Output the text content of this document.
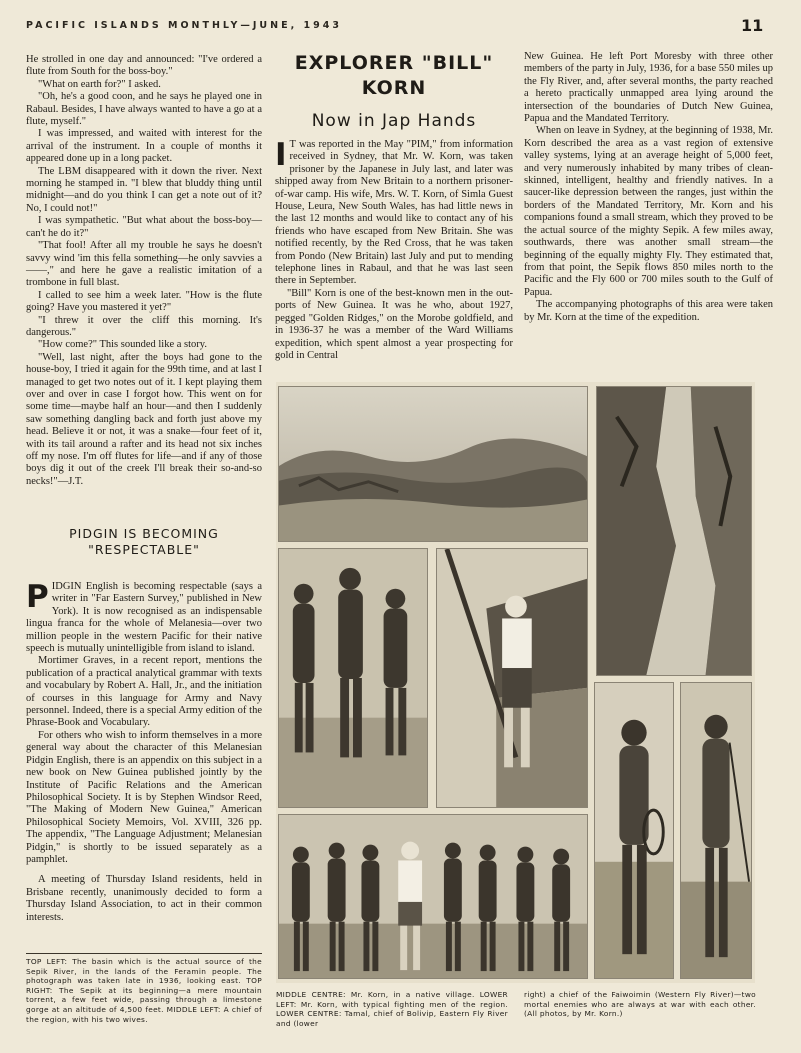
PACIFIC ISLANDS MONTHLY—JUNE, 1943	11

He strolled in one day and announced: "I've ordered a flute from South for the boss-boy."

"What on earth for?" I asked.

"Oh, he's a good coon, and he says he played one in Rabaul. Besides, I have always wanted to have a go at a flute, myself."

I was impressed, and waited with interest for the arrival of the instrument. In a couple of months it appeared done up in a long packet.

The LBM disappeared with it down the river. Next morning he stamped in. "I blew that bluddy thing until midnight—and do you think I can get a note out of it? No, I could not!"

I was sympathetic. "But what about the boss-boy—can't he do it?"

"That fool! After all my trouble he says he doesn't savvy wind 'im this fella something—he only savvies a ——," and here he gave a realistic imitation of a trombone in full blast.

I called to see him a week later. "How is the flute going? Have you mastered it yet?"

"I threw it over the cliff this morning. It's dangerous."

"How come?" This sounded like a story.

"Well, last night, after the boys had gone to the house-boy, I tried it again for the 99th time, and at last I managed to get two notes out of it. I kept playing them over and over in case I forgot how. This went on for some time—maybe half an hour—and then I suddenly saw something dangling back and forth just above my head. Believe it or not, it was a snake—four feet of it, with its tail around a rafter and its head not six inches off my nose. I'm off flutes for life—and if any of those boys dig it out of the creek I'll break their so-and-so necks!"—J.T.

PIDGIN IS BECOMING
"RESPECTABLE"

PIDGIN English is becoming respectable (says a writer in "Far Eastern Survey," published in New York). It is now recognised as an indispensable lingua franca for the whole of Melanesia—over two million people in the western Pacific for their native speech is mutually unintelligible from island to island.

Mortimer Graves, in a recent report, mentions the publication of a practical analytical grammar with texts and vocabulary by Robert A. Hall, Jr., and the initiation of courses in this language for Army and Navy personnel. Indeed, there is a special Army edition of the Phrase-Book and Vocabulary.

For others who wish to inform themselves in a more general way about the character of this Melanesian Pidgin English, there is an appendix on this subject in a new book on New Guinea published jointly by the Institute of Pacific Relations and the American Philosophical Society. It is by Stephen Windsor Reed, "The Making of Modern New Guinea," American Philosophical Society Memoirs, Vol. XVIII, 326 pp. The appendix, "The Language Adjustment; Melanesian Pidgin," is shortly to be issued separately as a pamphlet.

A meeting of Thursday Island residents, held in Brisbane recently, unanimously decided to form a Thursday Island Association, to act in their common interests.

EXPLORER "BILL"
KORN
Now in Jap Hands

I T was reported in the May "PIM," from information received in Sydney, that Mr. W. Korn, was taken prisoner by the Japanese in July last, and later was shipped away from New Britain to a northern prisoner-of-war camp. His wife, Mrs. W. T. Korn, of Simla Guest House, Leura, New South Wales, has had little news in the last 12 months and would like to contact any of his friends who have escaped from New Britain. She was notified recently, by the Red Cross, that he was taken from Pondo (New Britain) last July and put to mending telephone lines in Rabaul, and that he was last seen there in September.

"Bill" Korn is one of the best-known men in the out-ports of New Guinea. It was he who, about 1927, pegged "Golden Ridges," on the Morobe goldfield, and in 1936-37 he was a member of the Ward Williams expedition, which spent almost a year prospecting for gold in Central

New Guinea. He left Port Moresby with three other members of the party in July, 1936, for a base 550 miles up the Fly River, and, after several months, the party reached a hereto practically unmapped area lying around the intersection of the boundaries of Dutch New Guinea, Papua and the Mandated Territory.

When on leave in Sydney, at the beginning of 1938, Mr. Korn described the area as a vast region of extensive valley systems, lying at an average height of 5,000 feet, and very numerously inhabited by many tribes of clean-skinned, intelligent, healthy and friendly natives. In a saucer-like depression between the ranges, just within the borders of the Mandated Territory, Mr. Korn and his companions found a small stream, which they proved to be the actual source of the mighty Sepik. A few miles away, southwards, there was another small stream—the beginning of the equally mighty Fly. They estimated that, from that point, the Sepik flows 850 miles north to the Pacific and the Fly 600 or 700 miles south to the Gulf of Papua.

The accompanying photographs of this area were taken by Mr. Korn at the time of the expedition.

TOP LEFT: The basin which is the actual source of the Sepik River, in the lands of the Feramin people. The photograph was taken late in 1936, looking east. TOP RIGHT: The Sepik at its beginning—a mere mountain torrent, a few feet wide, passing through a limestone gorge at an altitude of 4,500 feet. MIDDLE LEFT: A chief of the region, with his two wives.
MIDDLE CENTRE: Mr. Korn, in a native village. LOWER LEFT: Mr. Korn, with typical fighting men of the region. LOWER CENTRE: Tamal, chief of Bolivip, Eastern Fly River and (lower
right) a chief of the Faiwoimin (Western Fly River)—two mortal enemies who are always at war with each other. (All photos, by Mr. Korn.)
